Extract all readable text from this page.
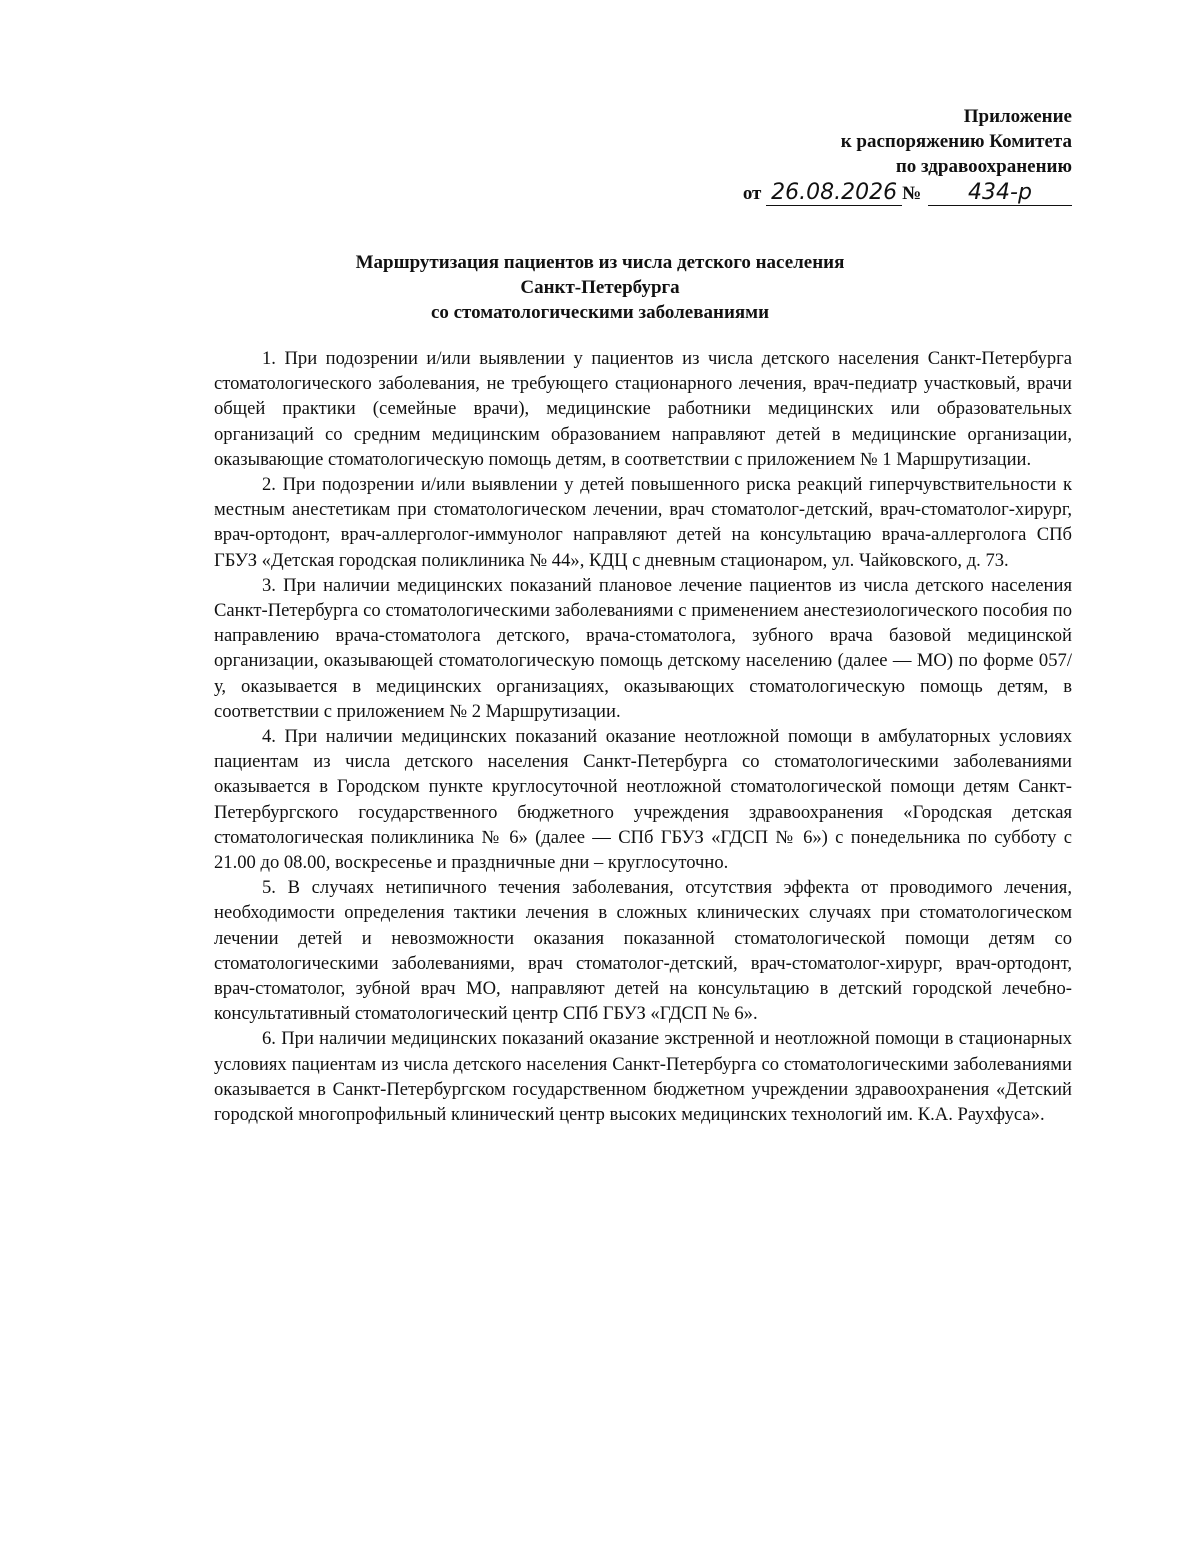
Приложение
к распоряжению Комитета
по здравоохранению
от 26.08.2026 № 434-р
Маршрутизация пациентов из числа детского населения
Санкт-Петербурга
со стоматологическими заболеваниями

1. При подозрении и/или выявлении у пациентов из числа детского населения Санкт-Петербурга стоматологического заболевания, не требующего стационарного лечения, врач-педиатр участковый, врачи общей практики (семейные врачи), медицинские работники медицинских или образовательных организаций со средним медицинским образованием направляют детей в медицинские организации, оказывающие стоматологическую помощь детям, в соответствии с приложением № 1 Маршрутизации.

2. При подозрении и/или выявлении у детей повышенного риска реакций гиперчувствительности к местным анестетикам при стоматологическом лечении, врач стоматолог-детский, врач-стоматолог-хирург, врач-ортодонт, врач-аллерголог-иммунолог направляют детей на консультацию врача-аллерголога СПб ГБУЗ «Детская городская поликлиника № 44», КДЦ с дневным стационаром, ул. Чайковского, д. 73.

3. При наличии медицинских показаний плановое лечение пациентов из числа детского населения Санкт-Петербурга со стоматологическими заболеваниями с применением анестезиологического пособия по направлению врача-стоматолога детского, врача-стоматолога, зубного врача базовой медицинской организации, оказывающей стоматологическую помощь детскому населению (далее — МО) по форме 057/у, оказывается в медицинских организациях, оказывающих стоматологическую помощь детям, в соответствии с приложением № 2 Маршрутизации.

4. При наличии медицинских показаний оказание неотложной помощи в амбулаторных условиях пациентам из числа детского населения Санкт-Петербурга со стоматологическими заболеваниями оказывается в Городском пункте круглосуточной неотложной стоматологической помощи детям Санкт-Петербургского государственного бюджетного учреждения здравоохранения «Городская детская стоматологическая поликлиника № 6» (далее — СПб ГБУЗ «ГДСП № 6») с понедельника по субботу с 21.00 до 08.00, воскресенье и праздничные дни – круглосуточно.

5. В случаях нетипичного течения заболевания, отсутствия эффекта от проводимого лечения, необходимости определения тактики лечения в сложных клинических случаях при стоматологическом лечении детей и невозможности оказания показанной стоматологической помощи детям со стоматологическими заболеваниями, врач стоматолог-детский, врач-стоматолог-хирург, врач-ортодонт, врач-стоматолог, зубной врач МО, направляют детей на консультацию в детский городской лечебно-консультативный стоматологический центр СПб ГБУЗ «ГДСП № 6».

6. При наличии медицинских показаний оказание экстренной и неотложной помощи в стационарных условиях пациентам из числа детского населения Санкт-Петербурга со стоматологическими заболеваниями оказывается в Санкт-Петербургском государственном бюджетном учреждении здравоохранения «Детский городской многопрофильный клинический центр высоких медицинских технологий им. К.А. Раухфуса».
